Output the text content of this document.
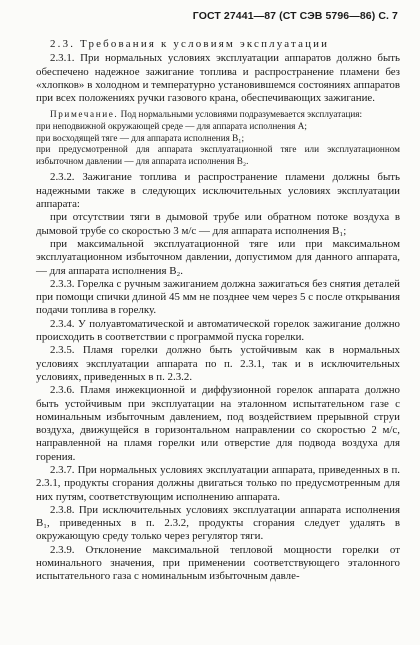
ГОСТ 27441—87 (СТ СЭВ 5796—86) С. 7

2.3. Требования к условиям эксплуатации

2.3.1. При нормальных условиях эксплуатации аппаратов должно быть обеспечено надежное зажигание топлива и распространение пламени без «хлопков» в холодном и температурно установившемся состояниях аппаратов при всех положениях ручки газового крана, обеспечивающих зажигание.

Примечание. Под нормальными условиями подразумевается эксплуатация:

при неподвижной окружающей среде — для аппарата исполнения А;

при восходящей тяге — для аппарата исполнения В₁;

при предусмотренной для аппарата эксплуатационной тяге или эксплуатационном избыточном давлении — для аппарата исполнения В₂.

2.3.2. Зажигание топлива и распространение пламени должны быть надежными также в следующих исключительных условиях эксплуатации аппарата:

при отсутствии тяги в дымовой трубе или обратном потоке воздуха в дымовой трубе со скоростью 3 м/с — для аппарата исполнения В₁;

при максимальной эксплуатационной тяге или при максимальном эксплуатационном избыточном давлении, допустимом для данного аппарата, — для аппарата исполнения В₂.

2.3.3. Горелка с ручным зажиганием должна зажигаться без снятия деталей при помощи спички длиной 45 мм не позднее чем через 5 с после открывания подачи топлива в горелку.

2.3.4. У полуавтоматической и автоматической горелок зажигание должно происходить в соответствии с программой пуска горелки.

2.3.5. Пламя горелки должно быть устойчивым как в нормальных условиях эксплуатации аппарата по п. 2.3.1, так и в исключительных условиях, приведенных в п. 2.3.2.

2.3.6. Пламя инжекционной и диффузионной горелок аппарата должно быть устойчивым при эксплуатации на эталонном испытательном газе с номинальным избыточным давлением, под воздействием прерывной струи воздуха, движущейся в горизонтальном направлении со скоростью 2 м/с, направленной на пламя горелки или отверстие для подвода воздуха для горения.

2.3.7. При нормальных условиях эксплуатации аппарата, приведенных в п. 2.3.1, продукты сгорания должны двигаться только по предусмотренным для них путям, соответствующим исполнению аппарата.

2.3.8. При исключительных условиях эксплуатации аппарата исполнения В₁, приведенных в п. 2.3.2, продукты сгорания следует удалять в окружающую среду только через регулятор тяги.

2.3.9. Отклонение максимальной тепловой мощности горелки от номинального значения, при применении соответствующего эталонного испытательного газа с номинальным избыточным давле-
